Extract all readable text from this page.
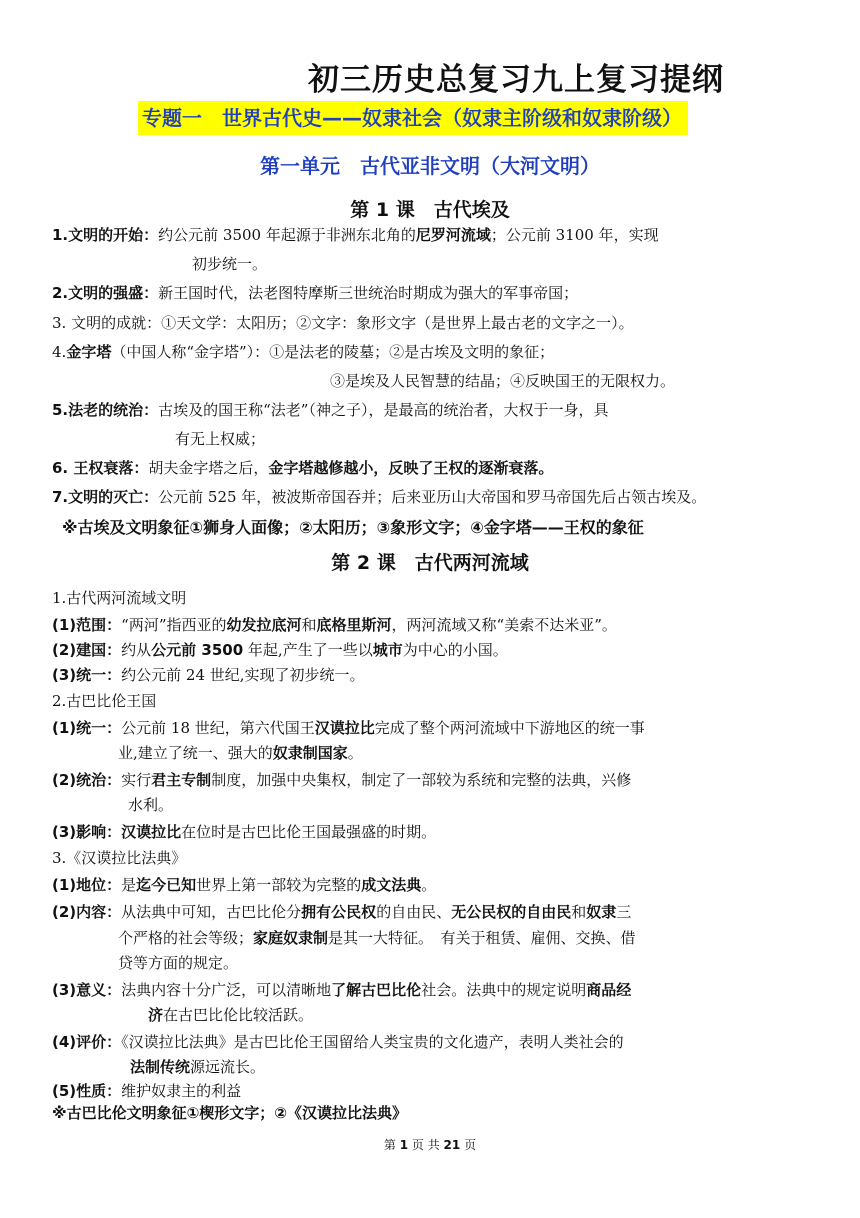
初三历史总复习九上复习提纲
专题一　世界古代史——奴隶社会（奴隶主阶级和奴隶阶级）
第一单元　古代亚非文明（大河文明）
第 1 课　古代埃及
1.文明的开始：约公元前 3500 年起源于非洲东北角的尼罗河流域；公元前 3100 年，实现
初步统一。
2.文明的强盛：新王国时代，法老图特摩斯三世统治时期成为强大的军事帝国；
3. 文明的成就：①天文学：太阳历；②文字：象形文字（是世界上最古老的文字之一）。
4.金字塔（中国人称“金字塔”）：①是法老的陵墓；②是古埃及文明的象征；
③是埃及人民智慧的结晶；④反映国王的无限权力。
5.法老的统治：古埃及的国王称“法老”（神之子），是最高的统治者，大权于一身，具
有无上权威；
6. 王权衰落：胡夫金字塔之后，金字塔越修越小，反映了王权的逐渐衰落。
7.文明的灭亡：公元前 525 年，被波斯帝国吞并；后来亚历山大帝国和罗马帝国先后占领古埃及。
※古埃及文明象征①狮身人面像；②太阳历；③象形文字；④金字塔——王权的象征
第 2 课　古代两河流域
1.古代两河流域文明
(1)范围：“两河”指西亚的幼发拉底河和底格里斯河，两河流域又称“美索不达米亚”。
(2)建国：约从公元前 3500 年起,产生了一些以城市为中心的小国。
(3)统一：约公元前 24 世纪,实现了初步统一。
2.古巴比伦王国
(1)统一：公元前 18 世纪，第六代国王汉谟拉比完成了整个两河流域中下游地区的统一事
业,建立了统一、强大的奴隶制国家。
(2)统治：实行君主专制制度，加强中央集权，制定了一部较为系统和完整的法典，兴修
水利。
(3)影响：汉谟拉比在位时是古巴比伦王国最强盛的时期。
3.《汉谟拉比法典》
(1)地位：是迄今已知世界上第一部较为完整的成文法典。
(2)内容：从法典中可知，古巴比伦分拥有公民权的自由民、无公民权的自由民和奴隶三
个严格的社会等级；家庭奴隶制是其一大特征。　有关于租赁、雇佣、交换、借
贷等方面的规定。
(3)意义：法典内容十分广泛，可以清晰地了解古巴比伦社会。法典中的规定说明商品经
济在古巴比伦比较活跃。
(4)评价：《汉谟拉比法典》是古巴比伦王国留给人类宝贵的文化遗产，表明人类社会的
法制传统源远流长。
(5)性质：维护奴隶主的利益
※古巴比伦文明象征①楔形文字；②《汉谟拉比法典》
第 1 页 共 21 页
